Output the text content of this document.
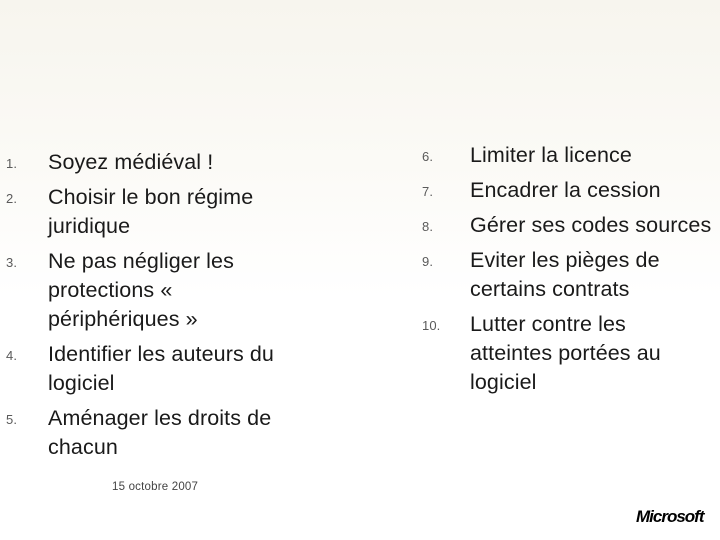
1. Soyez médiéval !
2. Choisir le bon régime juridique
3. Ne pas négliger les protections « périphériques »
4. Identifier les auteurs du logiciel
5. Aménager les droits de chacun
6. Limiter la licence
7. Encadrer la cession
8. Gérer ses codes sources
9. Eviter les pièges de certains contrats
10. Lutter contre les atteintes portées au logiciel
15 octobre 2007
Microsoft
